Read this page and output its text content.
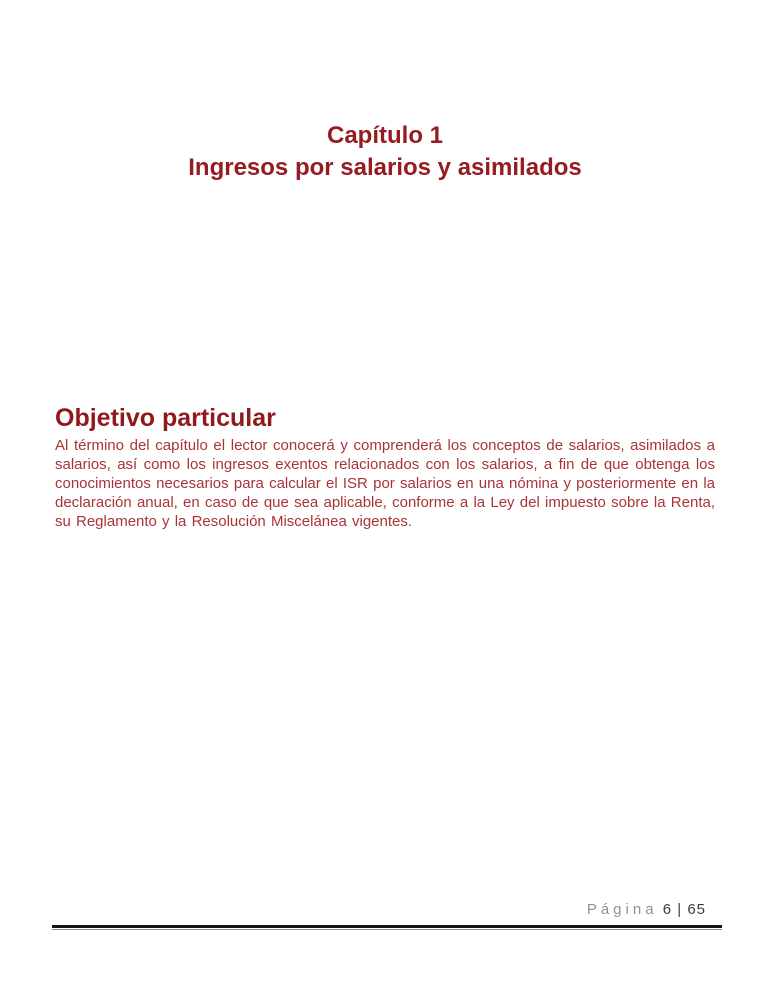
Capítulo 1
Ingresos por salarios y asimilados
Objetivo particular
Al término del capítulo el lector conocerá y comprenderá los conceptos de salarios, asimilados a salarios, así como los ingresos exentos relacionados con los salarios, a fin de que obtenga los conocimientos necesarios para calcular el ISR por salarios en una nómina y posteriormente en la declaración anual, en caso de que sea aplicable, conforme a la Ley del impuesto sobre la Renta, su Reglamento y la Resolución Miscelánea vigentes.
Página 6 | 65
